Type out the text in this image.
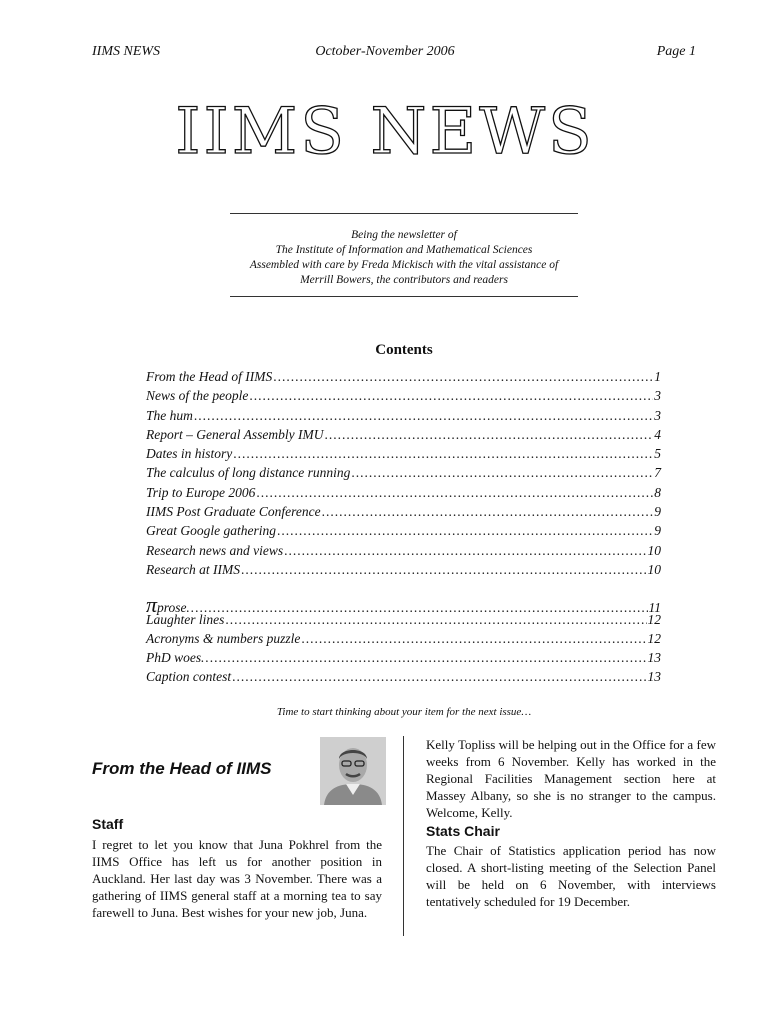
IIMS NEWS	October-November 2006	Page 1
IIMS NEWS
Being the newsletter of
The Institute of Information and Mathematical Sciences
Assembled with care by Freda Mickisch with the vital assistance of
Merrill Bowers, the contributors and readers
Contents
From the Head of IIMS .....	1
News of the people .....	3
The hum .....	3
Report – General Assembly IMU .....	4
Dates in history .....	5
The calculus of long distance running .....	7
Trip to Europe 2006 .....	8
IIMS Post Graduate Conference .....	9
Great Google gathering .....	9
Research news and views .....	10
Research at IIMS .....	10
πprose… .....	11
Laughter lines .....	12
Acronyms & numbers puzzle .....	12
PhD woes… .....	13
Caption contest .....	13
Time to start thinking about your item for the next issue…
From the Head of IIMS
Staff
I regret to let you know that Juna Pokhrel from the IIMS Office has left us for another position in Auckland. Her last day was 3 November. There was a gathering of IIMS general staff at a morning tea to say farewell to Juna. Best wishes for your new job, Juna.
Kelly Topliss will be helping out in the Office for a few weeks from 6 November. Kelly has worked in the Regional Facilities Management section here at Massey Albany, so she is no stranger to the campus. Welcome, Kelly.
Stats Chair
The Chair of Statistics application period has now closed. A short-listing meeting of the Selection Panel will be held on 6 November, with interviews tentatively scheduled for 19 December.
